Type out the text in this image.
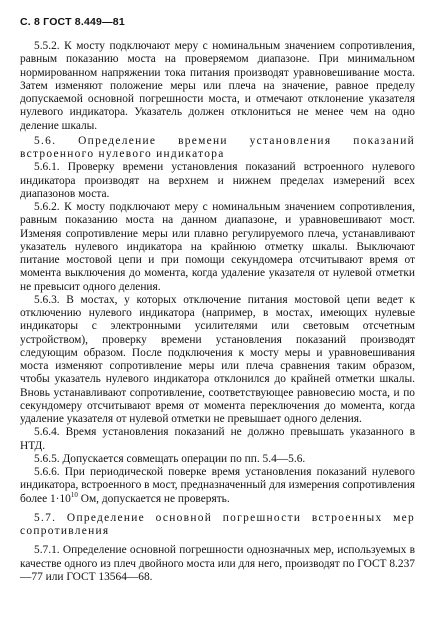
С. 8 ГОСТ 8.449—81

5.5.2. К мосту подключают меру с номинальным значением сопротивления, равным показанию моста на проверяемом диапазоне. При минимальном нормированном напряжении тока питания производят уравновешивание моста. Затем изменяют положение меры или плеча на значение, равное пределу допускаемой основной погрешности моста, и отмечают отклонение указателя нулевого индикатора. Указатель должен отклониться не менее чем на одно деление шкалы.

5.6. Определение времени установления показаний встроенного нулевого индикатора

5.6.1. Проверку времени установления показаний встроенного нулевого индикатора производят на верхнем и нижнем пределах измерений всех диапазонов моста.

5.6.2. К мосту подключают меру с номинальным значением сопротивления, равным показанию моста на данном диапазоне, и уравновешивают мост. Изменяя сопротивление меры или плавно регулируемого плеча, устанавливают указатель нулевого индикатора на крайнюю отметку шкалы. Выключают питание мостовой цепи и при помощи секундомера отсчитывают время от момента выключения до момента, когда удаление указателя от нулевой отметки не превысит одного деления.

5.6.3. В мостах, у которых отключение питания мостовой цепи ведет к отключению нулевого индикатора (например, в мостах, имеющих нулевые индикаторы с электронными усилителями или световым отсчетным устройством), проверку времени установления показаний производят следующим образом. После подключения к мосту меры и уравновешивания моста изменяют сопротивление меры или плеча сравнения таким образом, чтобы указатель нулевого индикатора отклонился до крайней отметки шкалы. Вновь устанавливают сопротивление, соответствующее равновесию моста, и по секундомеру отсчитывают время от момента переключения до момента, когда удаление указателя от нулевой отметки не превышает одного деления.

5.6.4. Время установления показаний не должно превышать указанного в НТД.

5.6.5. Допускается совмещать операции по пп. 5.4—5.6.

5.6.6. При периодической поверке время установления показаний нулевого индикатора, встроенного в мост, предназначенный для измерения сопротивления более $1\cdot 10^{10}$ Ом, допускается не проверять.

5.7. Определение основной погрешности встроенных мер сопротивления

5.7.1. Определение основной погрешности однозначных мер, используемых в качестве одного из плеч двойного моста или для него, производят по ГОСТ 8.237—77 или ГОСТ 13564—68.
